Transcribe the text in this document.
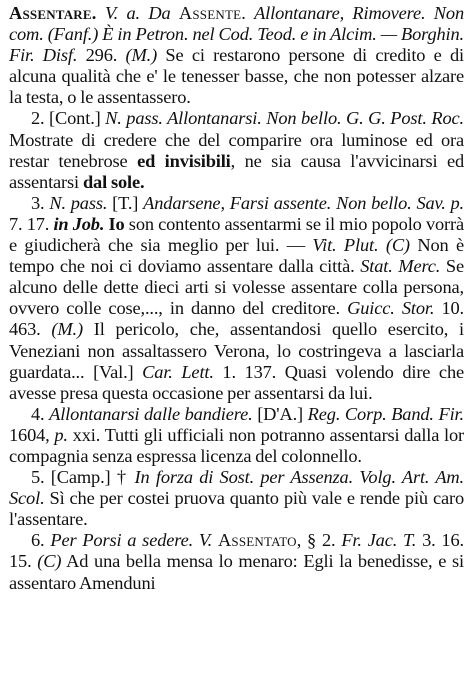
Assentare. V. a. Da Assente. Allontanare, Rimovere. Non com. (Fanf.) È in Petron. nel Cod. Teod. e in Alcim. — Borghin. Fir. Disf. 296. (M.) Se ci restarono persone di credito e di alcuna qualità che e' le tenesser basse, che non potesser alzare la testa, o le assentassero.

2. [Cont.] N. pass. Allontanarsi. Non bello. G. G. Post. Roc. Mostrate di credere che del comparire ora luminose ed ora restar tenebrose ed invisibili, ne sia causa l'avvicinarsi ed assentarsi dal sole.

3. N. pass. [T.] Andarsene, Farsi assente. Non bello. Sav. p. 7. 17. in Job. Io son contento assentarmi se il mio popolo vorrà e giudicherà che sia meglio per lui. — Vit. Plut. (C) Non è tempo che noi ci doviamo assentare dalla città. Stat. Merc. Se alcuno delle dette dieci arti si volesse assentare colla persona, ovvero colle cose,..., in danno del creditore. Guicc. Stor. 10. 463. (M.) Il pericolo, che, assentandosi quello esercito, i Veneziani non assaltassero Verona, lo costringeva a lasciarla guardata... [Val.] Car. Lett. 1. 137. Quasi volendo dire che avesse presa questa occasione per assentarsi da lui.

4. Allontanarsi dalle bandiere. [D'A.] Reg. Corp. Band. Fir. 1604, p. xxi. Tutti gli ufficiali non potranno assentarsi dalla lor compagnia senza espressa licenza del colonnello.

5. [Camp.] † In forza di Sost. per Assenza. Volg. Art. Am. Scol. Sì che per costei pruova quanto più vale e rende più caro l'assentare.

6. Per Porsi a sedere. V. Assentato, § 2. Fr. Jac. T. 3. 16. 15. (C) Ad una bella mensa lo menaro: Egli la benedisse, e si assentaro Amenduni
